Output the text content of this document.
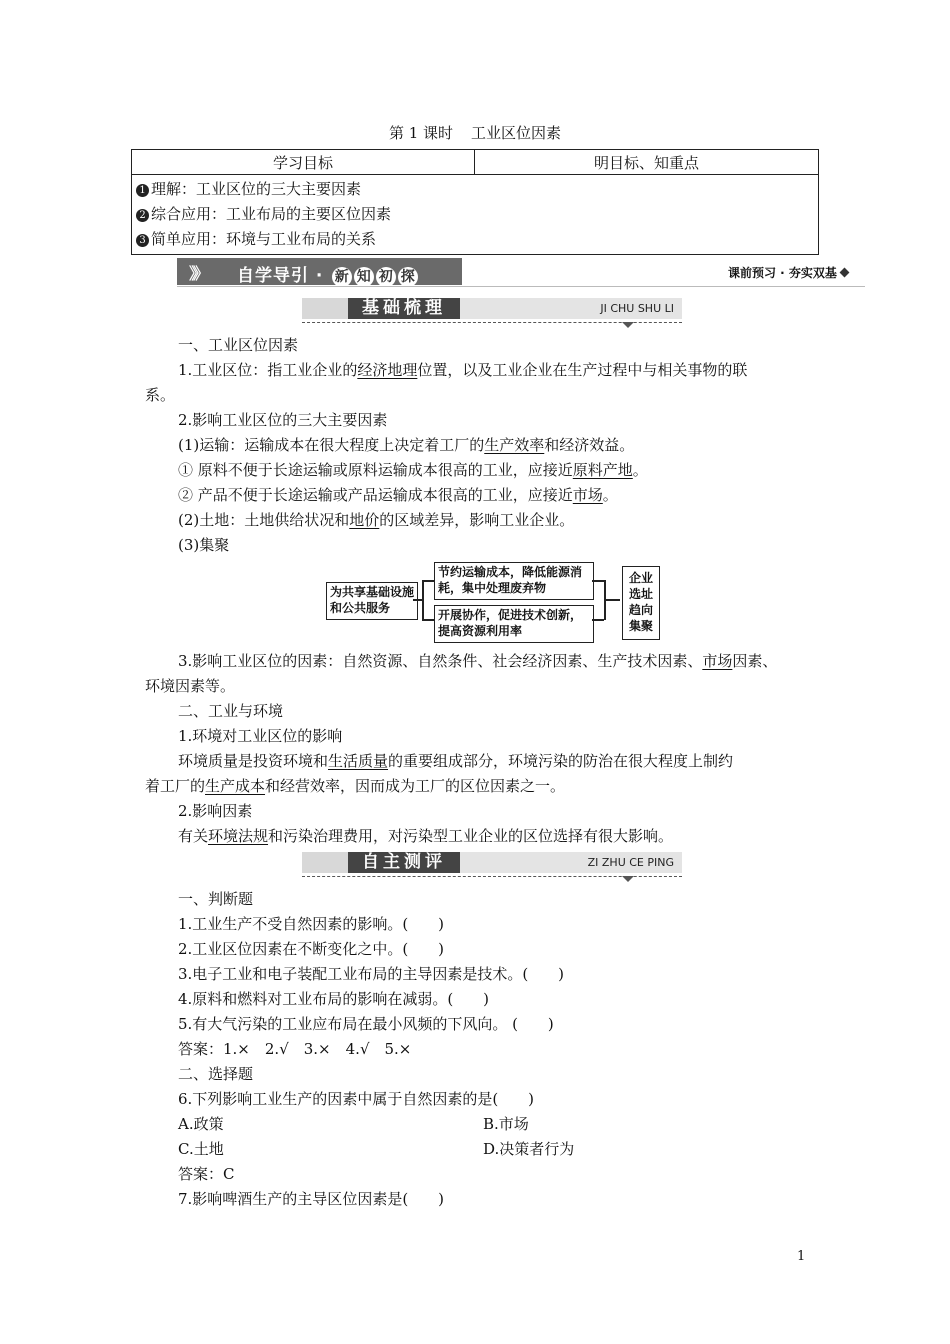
第 1 课时 工业区位因素
学习目标	明目标、知重点

1 理解：工业区位的三大主要因素
2 综合应用：工业布局的主要区位因素
3 简单应用：环境与工业布局的关系
》》 自学导引 · 新 知 初 探	课前预习 · 夯实双基
基础梳理	JI CHU SHU LI
一、工业区位因素
1.工业区位：指工业企业的经济地理位置，以及工业企业在生产过程中与相关事物的联
系。
2.影响工业区位的三大主要因素
(1)运输：运输成本在很大程度上决定着工厂的生产效率和经济效益。
① 原料不便于长途运输或原料运输成本很高的工业，应接近原料产地。
② 产品不便于长途运输或产品运输成本很高的工业，应接近市场。
(2)土地：土地供给状况和地价的区域差异，影响工业企业。
(3)集聚
为共享基础设施和公共服务
节约运输成本，降低能源消耗，集中处理废弃物
开展协作，促进技术创新，提高资源利用率
企业选址趋向集聚
3.影响工业区位的因素：自然资源、自然条件、社会经济因素、生产技术因素、市场因素、
环境因素等。
二、工业与环境
1.环境对工业区位的影响
环境质量是投资环境和生活质量的重要组成部分，环境污染的防治在很大程度上制约
着工厂的生产成本和经营效率，因而成为工厂的区位因素之一。
2.影响因素
有关环境法规和污染治理费用，对污染型工业企业的区位选择有很大影响。
自主测评	ZI ZHU CE PING
一、判断题
1.工业生产不受自然因素的影响。(　　)
2.工业区位因素在不断变化之中。(　　)
3.电子工业和电子装配工业布局的主导因素是技术。(　　)
4.原料和燃料对工业布局的影响在减弱。(　　)
5.有大气污染的工业应布局在最小风频的下风向。 (　　)
答案：1.×　2.√　3.×　4.√　5.×
二、选择题
6.下列影响工业生产的因素中属于自然因素的是(　　)
A.政策	B.市场
C.土地	D.决策者行为
答案：C
7.影响啤酒生产的主导区位因素是(　　)
1
